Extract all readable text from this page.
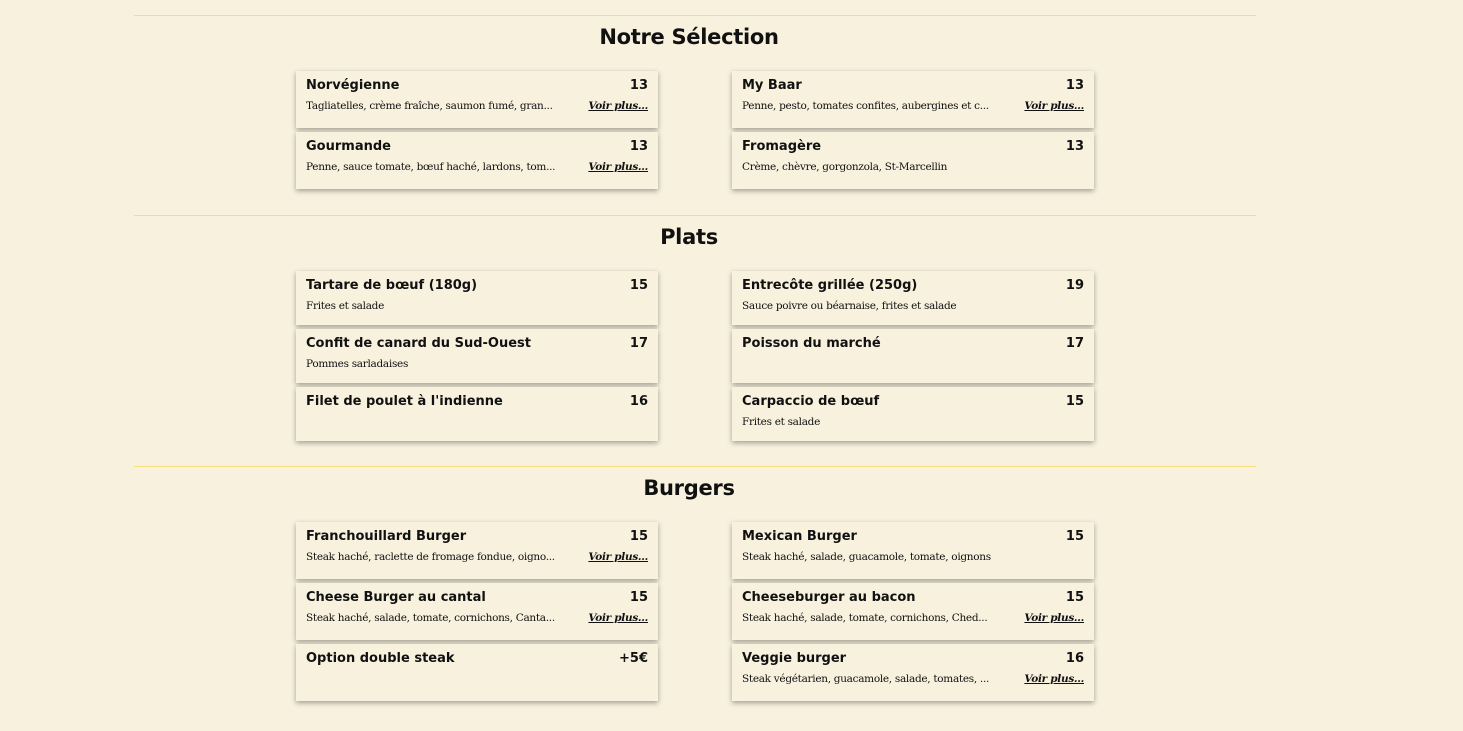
Notre Sélection
Norvégienne	13
Tagliatelles, crème fraîche, saumon fumé, gran...	Voir plus...
My Baar	13
Penne, pesto, tomates confites, aubergines et c...	Voir plus...
Gourmande	13
Penne, sauce tomate, bœuf haché, lardons, tom...	Voir plus...
Fromagère	13
Crème, chèvre, gorgonzola, St-Marcellin
Plats
Tartare de bœuf (180g)	15
Frites et salade
Entrecôte grillée (250g)	19
Sauce poivre ou béarnaise, frites et salade
Confit de canard du Sud-Ouest	17
Pommes sarladaises
Poisson du marché	17
Filet de poulet à l'indienne	16	Carpaccio de bœuf	15
Frites et salade
Burgers
Franchouillard Burger	15
Steak haché, raclette de fromage fondue, oigno...	Voir plus...
Mexican Burger	15
Steak haché, salade, guacamole, tomate, oignons
Cheese Burger au cantal	15
Steak haché, salade, tomate, cornichons, Canta...	Voir plus...
Cheeseburger au bacon	15
Steak haché, salade, tomate, cornichons, Ched...	Voir plus...
Option double steak	+5€	Veggie burger	16
Steak végétarien, guacamole, salade, tomates, ...	Voir plus...
